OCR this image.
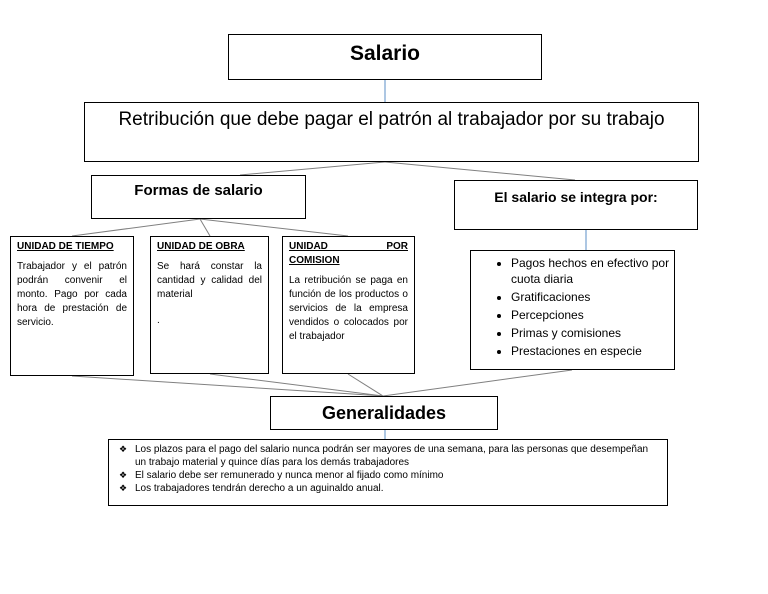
Salario
Retribución que debe pagar el patrón al trabajador por su trabajo
Formas de salario	El salario se integra por:
UNIDAD DE TIEMPO
Trabajador y el patrón podrán convenir el monto. Pago por cada hora de prestación de servicio.
UNIDAD DE OBRA
Se hará constar la cantidad y calidad del material
.
UNIDAD POR
COMISION
La retribución se paga en función de los productos o servicios de la empresa vendidos o colocados por el trabajador
• Pagos hechos en efectivo por cuota diaria
• Gratificaciones
• Percepciones
• Primas y comisiones
• Prestaciones en especie
Generalidades
❖ Los plazos para el pago del salario nunca podrán ser mayores de una semana, para las personas que desempeñan un trabajo material y quince días para los demás trabajadores
❖ El salario debe ser remunerado y nunca menor al fijado como mínimo
❖ Los trabajadores tendrán derecho a un aguinaldo anual.
